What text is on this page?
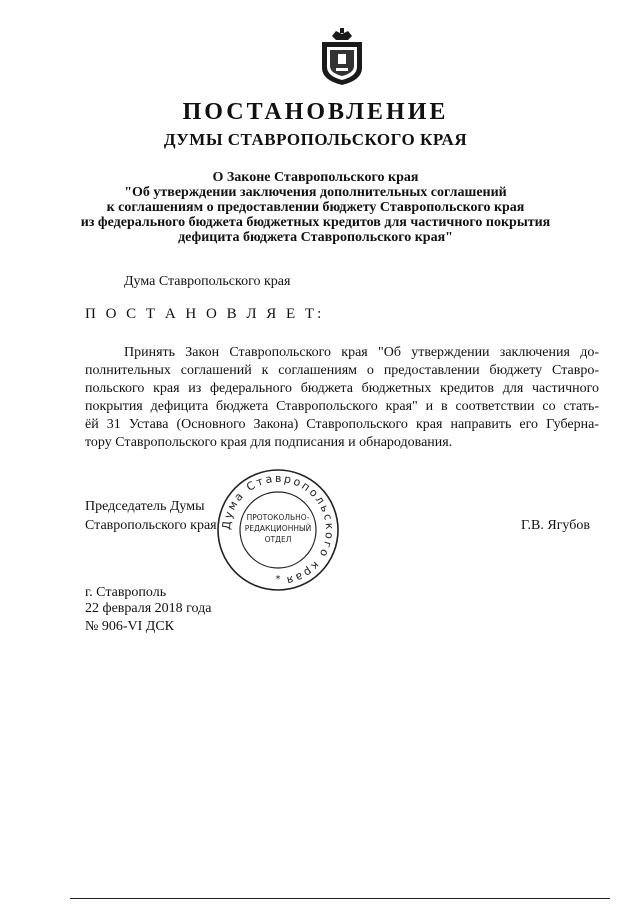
ПОСТАНОВЛЕНИЕ
ДУМЫ СТАВРОПОЛЬСКОГО КРАЯ
О Законе Ставропольского края
"Об утверждении заключения дополнительных соглашений
к соглашениям о предоставлении бюджету Ставропольского края
из федерального бюджета бюджетных кредитов для частичного покрытия
дефицита бюджета Ставропольского края"
Дума Ставропольского края
П О С Т А Н О В Л Я Е Т:
Принять Закон Ставропольского края "Об утверждении заключения до-
полнительных соглашений к соглашениям о предоставлении бюджету Ставро-
польского края из федерального бюджета бюджетных кредитов для частичного
покрытия дефицита бюджета Ставропольского края" и в соответствии со стать-
ёй 31 Устава (Основного Закона) Ставропольского края направить его Губерна-
тору Ставропольского края для подписания и обнародования.
Председатель Думы
Ставропольского края	Г.В. Ягубов
Дума Ставропольского края
ПРОТОКОЛЬНО-
РЕДАКЦИОННЫЙ
ОТДЕЛ
*
г. Ставрополь
22 февраля 2018 года
№ 906-VI ДСК
